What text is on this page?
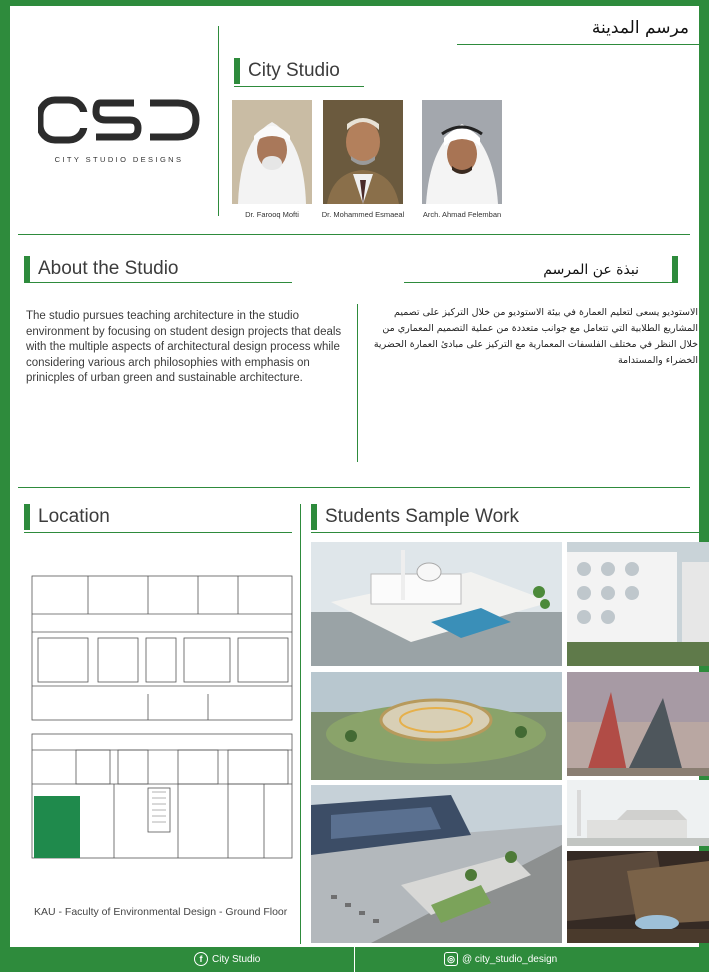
مرسم المدينة
City Studio
CITY STUDIO DESIGNS
Dr. Farooq Mofti	Dr. Mohammed Esmaeal	Arch. Ahmad Felemban
About the Studio	نبذة عن المرسم
The studio pursues teaching architecture in the studio environment by focusing on student design projects that deals with the multiple aspects of architectural design process while considering various arch philosophies with emphasis on prinicples of urban green and sustainable architecture.
الاستوديو يسعى لتعليم العمارة في بيئة الاستوديو من خلال التركيز على تصميم المشاريع الطلابية التي تتعامل مع جوانب متعددة من عملية التصميم المعماري من خلال النظر في مختلف الفلسفات المعمارية مع التركيز على مبادئ العمارة الحضرية الخضراء والمستدامة
Location
KAU - Faculty of Environmental Design - Ground Floor
Students Sample Work
f City Studio	◎ @ city_studio_design
